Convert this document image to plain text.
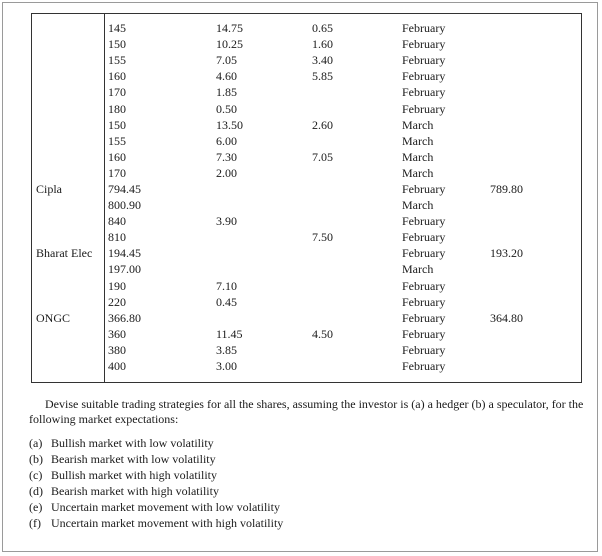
	145	14.75	0.65	February	
	150	10.25	1.60	February	
	155	7.05	3.40	February	
	160	4.60	5.85	February	
	170	1.85		February	
	180	0.50		February	
	150	13.50	2.60	March	
	155	6.00		March	
	160	7.30	7.05	March	
	170	2.00		March	
Cipla	794.45			February	789.80
	800.90			March	
	840	3.90		February	
	810		7.50	February	
Bharat Elec	194.45			February	193.20
	197.00			March	
	190	7.10		February	
	220	0.45		February	
ONGC	366.80			February	364.80
	360	11.45	4.50	February	
	380	3.85		February	
	400	3.00		February	

Devise suitable trading strategies for all the shares, assuming the investor is (a) a hedger (b) a speculator, for the following market expectations:

(a) Bullish market with low volatility
(b) Bearish market with low volatility
(c) Bullish market with high volatility
(d) Bearish market with high volatility
(e) Uncertain market movement with low volatility
(f) Uncertain market movement with high volatility
